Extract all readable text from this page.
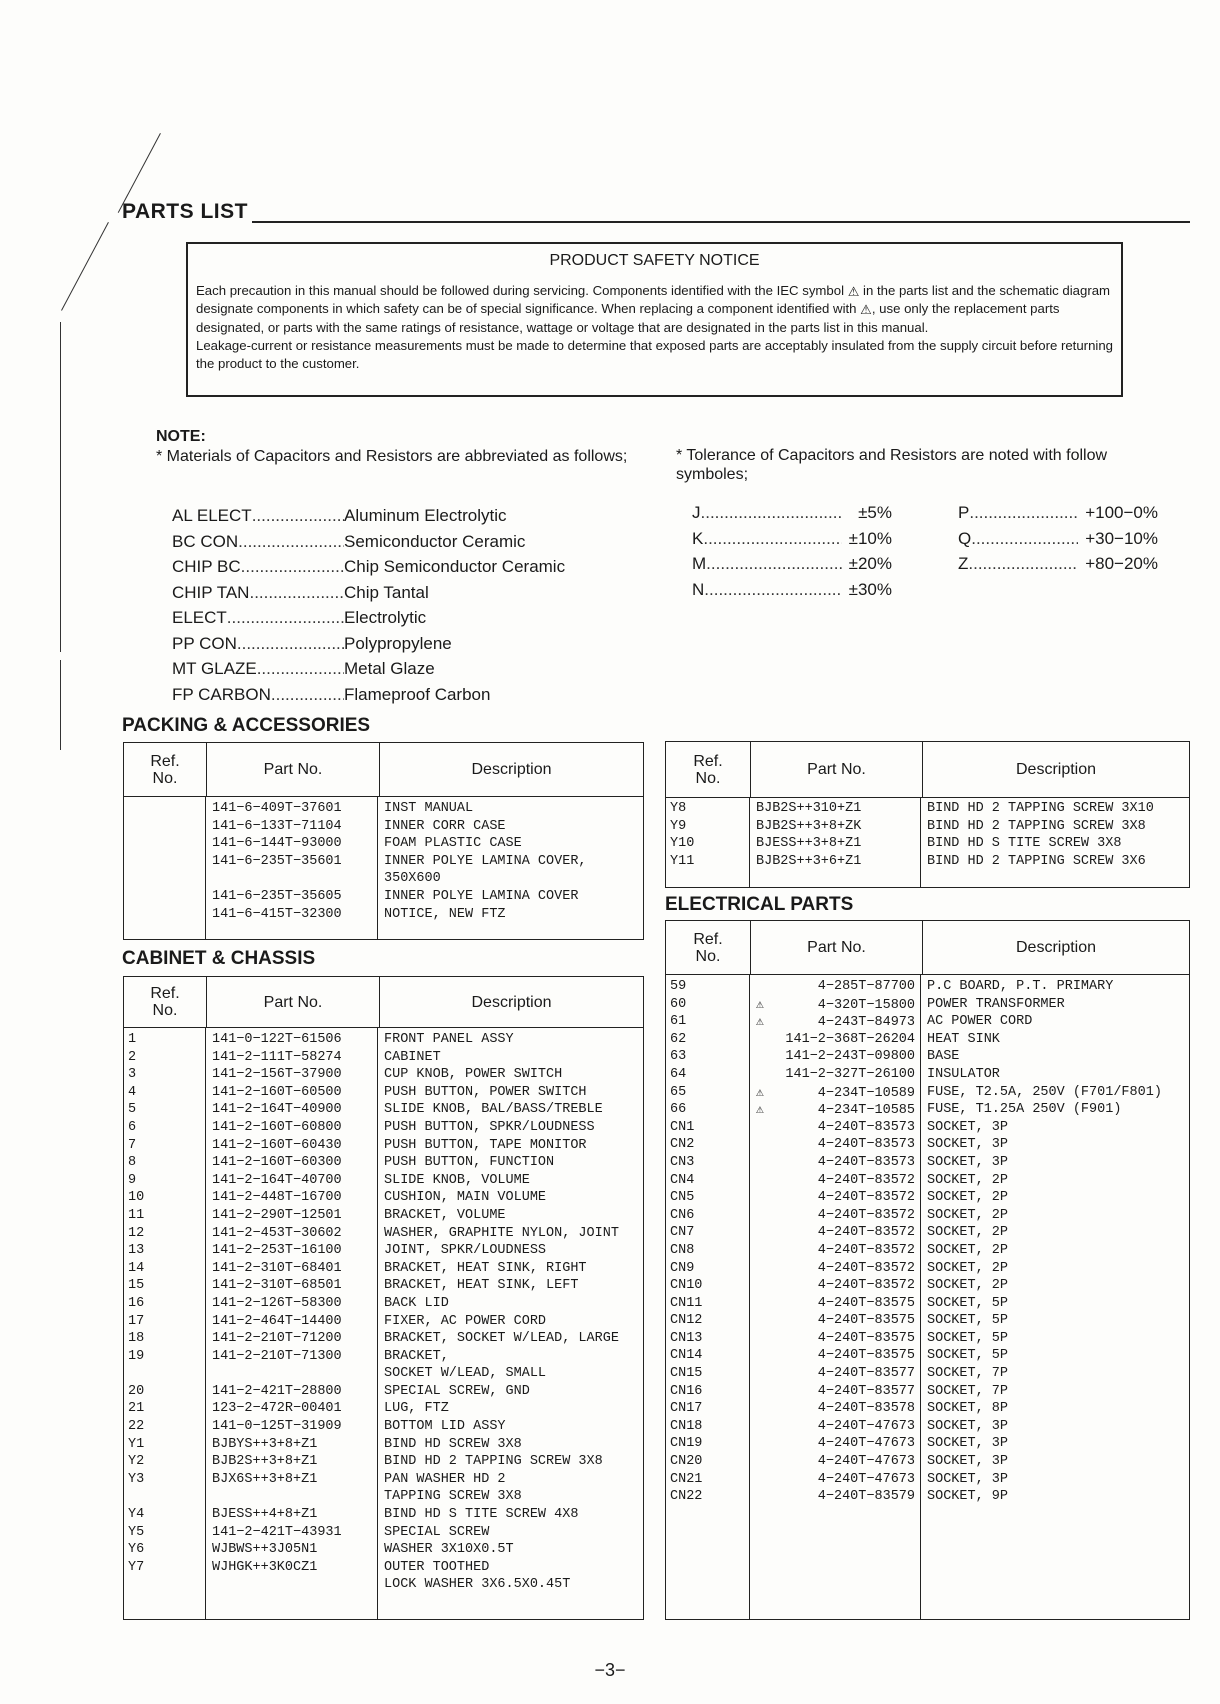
PARTS LIST
PRODUCT SAFETY NOTICE
Each precaution in this manual should be followed during servicing. Components identified with the IEC symbol ⚠ in the parts list and the schematic diagram designate components in which safety can be of special significance. When replacing a component identified with ⚠, use only the replacement parts designated, or parts with the same ratings of resistance, wattage or voltage that are designated in the parts list in this manual.
Leakage-current or resistance measurements must be made to determine that exposed parts are acceptably insulated from the supply circuit before returning the product to the customer.
NOTE:
* Materials of Capacitors and Resistors are abbreviated as follows;	* Tolerance of Capacitors and Resistors are noted with follow symboles;
AL ELECT
.....	Aluminum Electrolytic
BC CON
.....	Semiconductor Ceramic
CHIP BC
.....	Chip Semiconductor Ceramic
CHIP TAN
.....	Chip Tantal
ELECT
.....	Electrolytic
PP CON
.....	Polypropylene
MT GLAZE
.....	Metal Glaze
FP CARBON
.....	Flameproof Carbon
J
.....	±5%
K
.....	±10%
M
.....	±20%
N
.....	±30%
P
.....	+100−0%
Q
.....	+30−10%
Z
.....	+80−20%
PACKING & ACCESSORIES
Ref.
No.	Part No.	Description
141−6−409T−37601	INST MANUAL
141−6−133T−71104	INNER CORR CASE
141−6−144T−93000	FOAM PLASTIC CASE
141−6−235T−35601	INNER POLYE LAMINA COVER,
350X600
141−6−235T−35605	INNER POLYE LAMINA COVER
141−6−415T−32300	NOTICE, NEW FTZ
CABINET & CHASSIS
Ref.
No.	Part No.	Description
1	141−0−122T−61506	FRONT PANEL ASSY
2	141−2−111T−58274	CABINET
3	141−2−156T−37900	CUP KNOB, POWER SWITCH
4	141−2−160T−60500	PUSH BUTTON, POWER SWITCH
5	141−2−164T−40900	SLIDE KNOB, BAL/BASS/TREBLE
6	141−2−160T−60800	PUSH BUTTON, SPKR/LOUDNESS
7	141−2−160T−60430	PUSH BUTTON, TAPE MONITOR
8	141−2−160T−60300	PUSH BUTTON, FUNCTION
9	141−2−164T−40700	SLIDE KNOB, VOLUME
10	141−2−448T−16700	CUSHION, MAIN VOLUME
11	141−2−290T−12501	BRACKET, VOLUME
12	141−2−453T−30602	WASHER, GRAPHITE NYLON, JOINT
13	141−2−253T−16100	JOINT, SPKR/LOUDNESS
14	141−2−310T−68401	BRACKET, HEAT SINK, RIGHT
15	141−2−310T−68501	BRACKET, HEAT SINK, LEFT
16	141−2−126T−58300	BACK LID
17	141−2−464T−14400	FIXER, AC POWER CORD
18	141−2−210T−71200	BRACKET, SOCKET W/LEAD, LARGE
19	141−2−210T−71300	BRACKET,
SOCKET W/LEAD, SMALL
20	141−2−421T−28800	SPECIAL SCREW, GND
21	123−2−472R−00401	LUG, FTZ
22	141−0−125T−31909	BOTTOM LID ASSY
Y1	BJBYS++3+8+Z1	BIND HD SCREW 3X8
Y2	BJB2S++3+8+Z1	BIND HD 2 TAPPING SCREW 3X8
Y3	BJX6S++3+8+Z1	PAN WASHER HD 2
TAPPING SCREW 3X8
Y4	BJESS++4+8+Z1	BIND HD S TITE SCREW 4X8
Y5	141−2−421T−43931	SPECIAL SCREW
Y6	WJBWS++3J05N1	WASHER 3X10X0.5T
Y7	WJHGK++3K0CZ1	OUTER TOOTHED
LOCK WASHER 3X6.5X0.45T
Ref.
No.	Part No.	Description
Y8	BJB2S++310+Z1	BIND HD 2 TAPPING SCREW 3X10
Y9	BJB2S++3+8+ZK	BIND HD 2 TAPPING SCREW 3X8
Y10	BJESS++3+8+Z1	BIND HD S TITE SCREW 3X8
Y11	BJB2S++3+6+Z1	BIND HD 2 TAPPING SCREW 3X6
ELECTRICAL PARTS
Ref.
No.	Part No.	Description
59	4−285T−87700 P.C BOARD, P.T. PRIMARY
60	⚠	4−320T−15800 POWER TRANSFORMER
61	⚠	4−243T−84973 AC POWER CORD
62	141−2−368T−26204 HEAT SINK
63	141−2−243T−09800 BASE
64	141−2−327T−26100 INSULATOR
65	⚠	4−234T−10589 FUSE, T2.5A, 250V (F701/F801)
66	⚠	4−234T−10585 FUSE, T1.25A 250V (F901)
CN1	4−240T−83573 SOCKET, 3P
CN2	4−240T−83573 SOCKET, 3P
CN3	4−240T−83573 SOCKET, 3P
CN4	4−240T−83572 SOCKET, 2P
CN5	4−240T−83572 SOCKET, 2P
CN6	4−240T−83572 SOCKET, 2P
CN7	4−240T−83572 SOCKET, 2P
CN8	4−240T−83572 SOCKET, 2P
CN9	4−240T−83572 SOCKET, 2P
CN10	4−240T−83572 SOCKET, 2P
CN11	4−240T−83575 SOCKET, 5P
CN12	4−240T−83575 SOCKET, 5P
CN13	4−240T−83575 SOCKET, 5P
CN14	4−240T−83575 SOCKET, 5P
CN15	4−240T−83577 SOCKET, 7P
CN16	4−240T−83577 SOCKET, 7P
CN17	4−240T−83578 SOCKET, 8P
CN18	4−240T−47673 SOCKET, 3P
CN19	4−240T−47673 SOCKET, 3P
CN20	4−240T−47673 SOCKET, 3P
CN21	4−240T−47673 SOCKET, 3P
CN22	4−240T−83579 SOCKET, 9P
−3−
